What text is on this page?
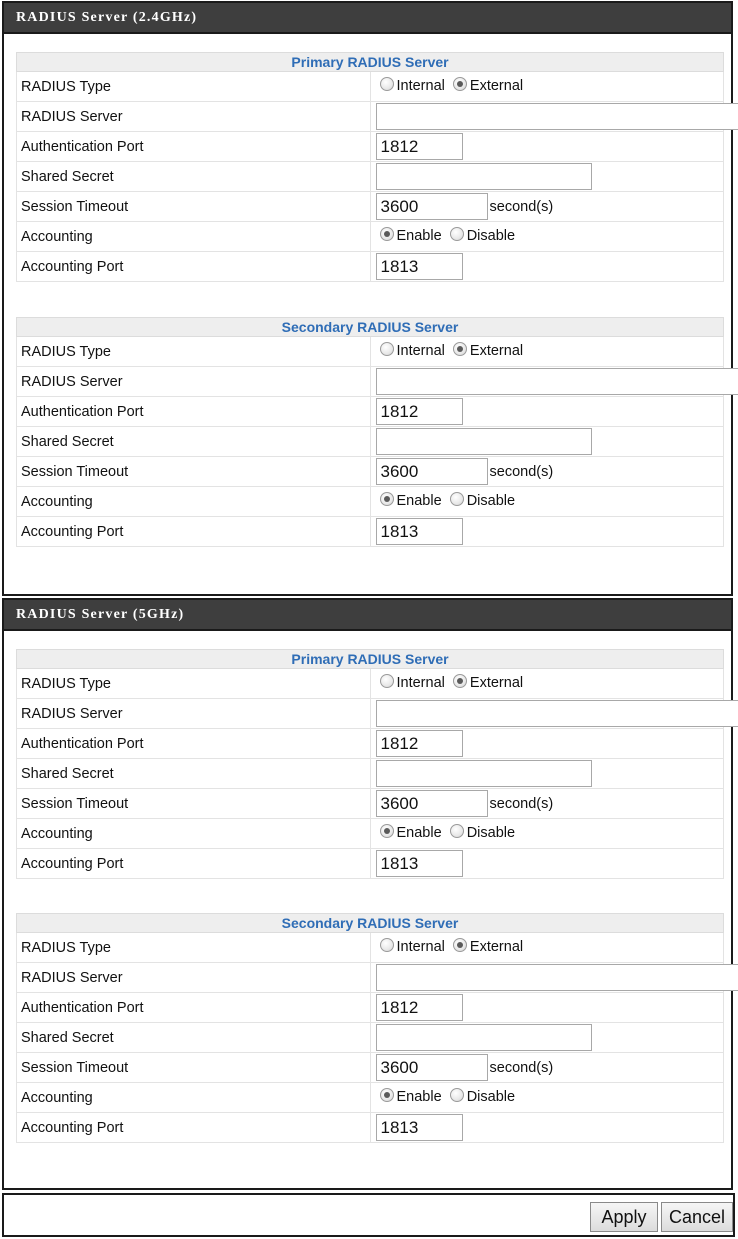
RADIUS Server (2.4GHz)
Primary RADIUS Server	
RADIUS Type	Internal External
RADIUS Server	
Authentication Port	1812
Shared Secret	
Session Timeout	3600 second(s)
Accounting	Enable Disable
Accounting Port	1813
Secondary RADIUS Server	
RADIUS Type	Internal External
RADIUS Server	
Authentication Port	1812
Shared Secret	
Session Timeout	3600 second(s)
Accounting	Enable Disable
Accounting Port	1813
RADIUS Server (5GHz)
Primary RADIUS Server	
RADIUS Type	Internal External
RADIUS Server	
Authentication Port	1812
Shared Secret	
Session Timeout	3600 second(s)
Accounting	Enable Disable
Accounting Port	1813
Secondary RADIUS Server	
RADIUS Type	Internal External
RADIUS Server	
Authentication Port	1812
Shared Secret	
Session Timeout	3600 second(s)
Accounting	Enable Disable
Accounting Port	1813
Apply	Cancel
